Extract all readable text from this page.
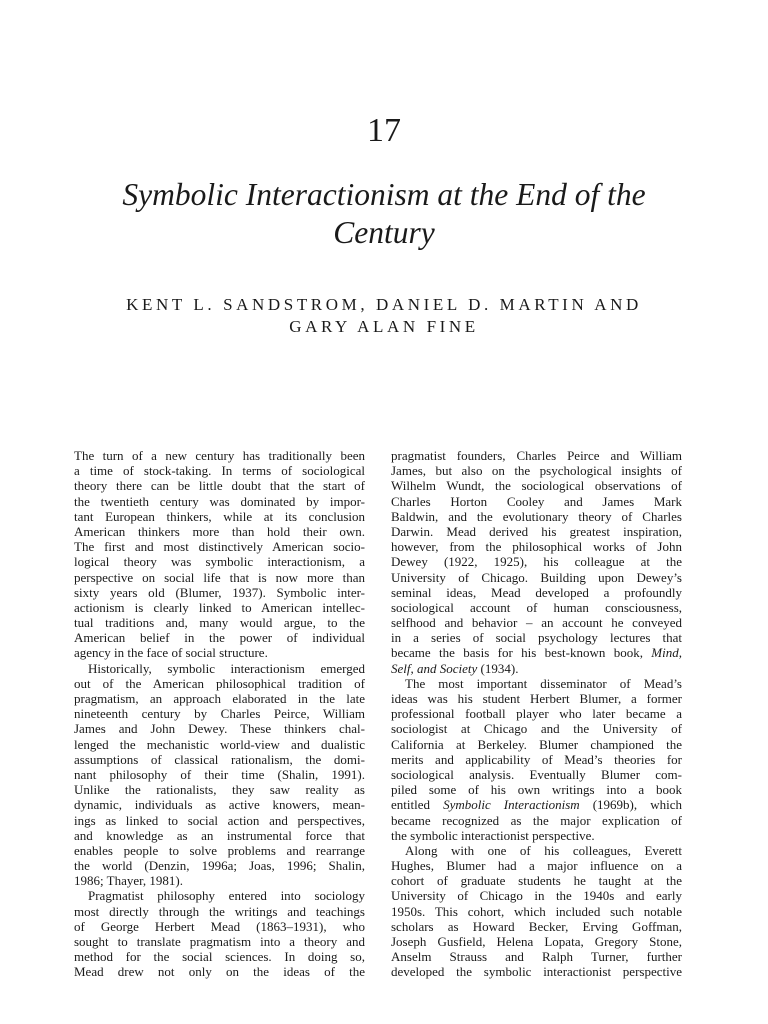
17
Symbolic Interactionism at the End of the
Century
KENT L. SANDSTROM, DANIEL D. MARTIN AND
GARY ALAN FINE
The turn of a new century has traditionally been
a time of stock-taking. In terms of sociological
theory there can be little doubt that the start of
the twentieth century was dominated by impor-
tant European thinkers, while at its conclusion
American thinkers more than hold their own.
The first and most distinctively American socio-
logical theory was symbolic interactionism, a
perspective on social life that is now more than
sixty years old (Blumer, 1937). Symbolic inter-
actionism is clearly linked to American intellec-
tual traditions and, many would argue, to the
American belief in the power of individual
agency in the face of social structure.
Historically, symbolic interactionism emerged
out of the American philosophical tradition of
pragmatism, an approach elaborated in the late
nineteenth century by Charles Peirce, William
James and John Dewey. These thinkers chal-
lenged the mechanistic world-view and dualistic
assumptions of classical rationalism, the domi-
nant philosophy of their time (Shalin, 1991).
Unlike the rationalists, they saw reality as
dynamic, individuals as active knowers, mean-
ings as linked to social action and perspectives,
and knowledge as an instrumental force that
enables people to solve problems and rearrange
the world (Denzin, 1996a; Joas, 1996; Shalin,
1986; Thayer, 1981).
Pragmatist philosophy entered into sociology
most directly through the writings and teachings
of George Herbert Mead (1863–1931), who
sought to translate pragmatism into a theory and
method for the social sciences. In doing so,
Mead drew not only on the ideas of the
pragmatist founders, Charles Peirce and William
James, but also on the psychological insights of
Wilhelm Wundt, the sociological observations of
Charles Horton Cooley and James Mark
Baldwin, and the evolutionary theory of Charles
Darwin. Mead derived his greatest inspiration,
however, from the philosophical works of John
Dewey (1922, 1925), his colleague at the
University of Chicago. Building upon Dewey’s
seminal ideas, Mead developed a profoundly
sociological account of human consciousness,
selfhood and behavior – an account he conveyed
in a series of social psychology lectures that
became the basis for his best-known book, Mind,
Self, and Society (1934).
The most important disseminator of Mead’s
ideas was his student Herbert Blumer, a former
professional football player who later became a
sociologist at Chicago and the University of
California at Berkeley. Blumer championed the
merits and applicability of Mead’s theories for
sociological analysis. Eventually Blumer com-
piled some of his own writings into a book
entitled Symbolic Interactionism (1969b), which
became recognized as the major explication of
the symbolic interactionist perspective.
Along with one of his colleagues, Everett
Hughes, Blumer had a major influence on a
cohort of graduate students he taught at the
University of Chicago in the 1940s and early
1950s. This cohort, which included such notable
scholars as Howard Becker, Erving Goffman,
Joseph Gusfield, Helena Lopata, Gregory Stone,
Anselm Strauss and Ralph Turner, further
developed the symbolic interactionist perspective
